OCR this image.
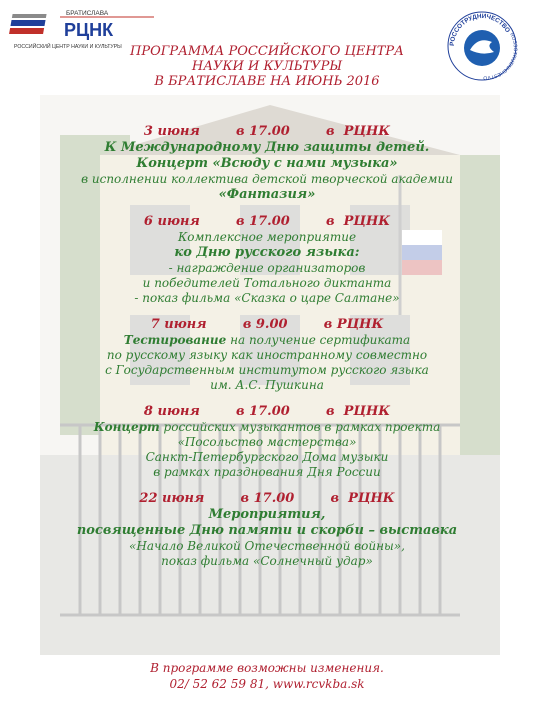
БРАТИСЛАВА
РЦНК
РОССИЙСКИЙ ЦЕНТР НАУКИ И КУЛЬТУРЫ
РОССОТРУДНИЧЕСТВО
ROSSOTRUDNICHESTVO
ПРОГРАММА РОССИЙСКОГО ЦЕНТРА
НАУКИ И КУЛЬТУРЫ
В БРАТИСЛАВЕ НА ИЮНЬ 2016
3 июня	в 17.00	в  РЦНК
К Международному Дню защиты детей.
Концерт «Всюду с нами музыка»
в исполнении коллектива детской творческой академии
«Фантазия»
6 июня	в 17.00	в  РЦНК
Комплексное мероприятие
ко Дню русского языка:
- награждение организаторов
и победителей Тотального диктанта
- показ фильма «Сказка о царе Салтане»
7 июня	в 9.00	в РЦНК
Тестирование на получение сертификата
по русскому языку как иностранному совместно
с Государственным институтом русского языка
им. А.С. Пушкина
8 июня	в 17.00	в  РЦНК
Концерт российских музыкантов в рамках проекта
«Посольство мастерства»
Санкт-Петербургского Дома музыки
в рамках празднования Дня России
22 июня	в 17.00	в  РЦНК
Мероприятия,
посвященные Дню памяти и скорби – выставка
«Начало Великой Отечественной войны»,
показ фильма «Солнечный удар»
В программе возможны изменения.
02/ 52 62 59 81, www.rcvkba.sk
